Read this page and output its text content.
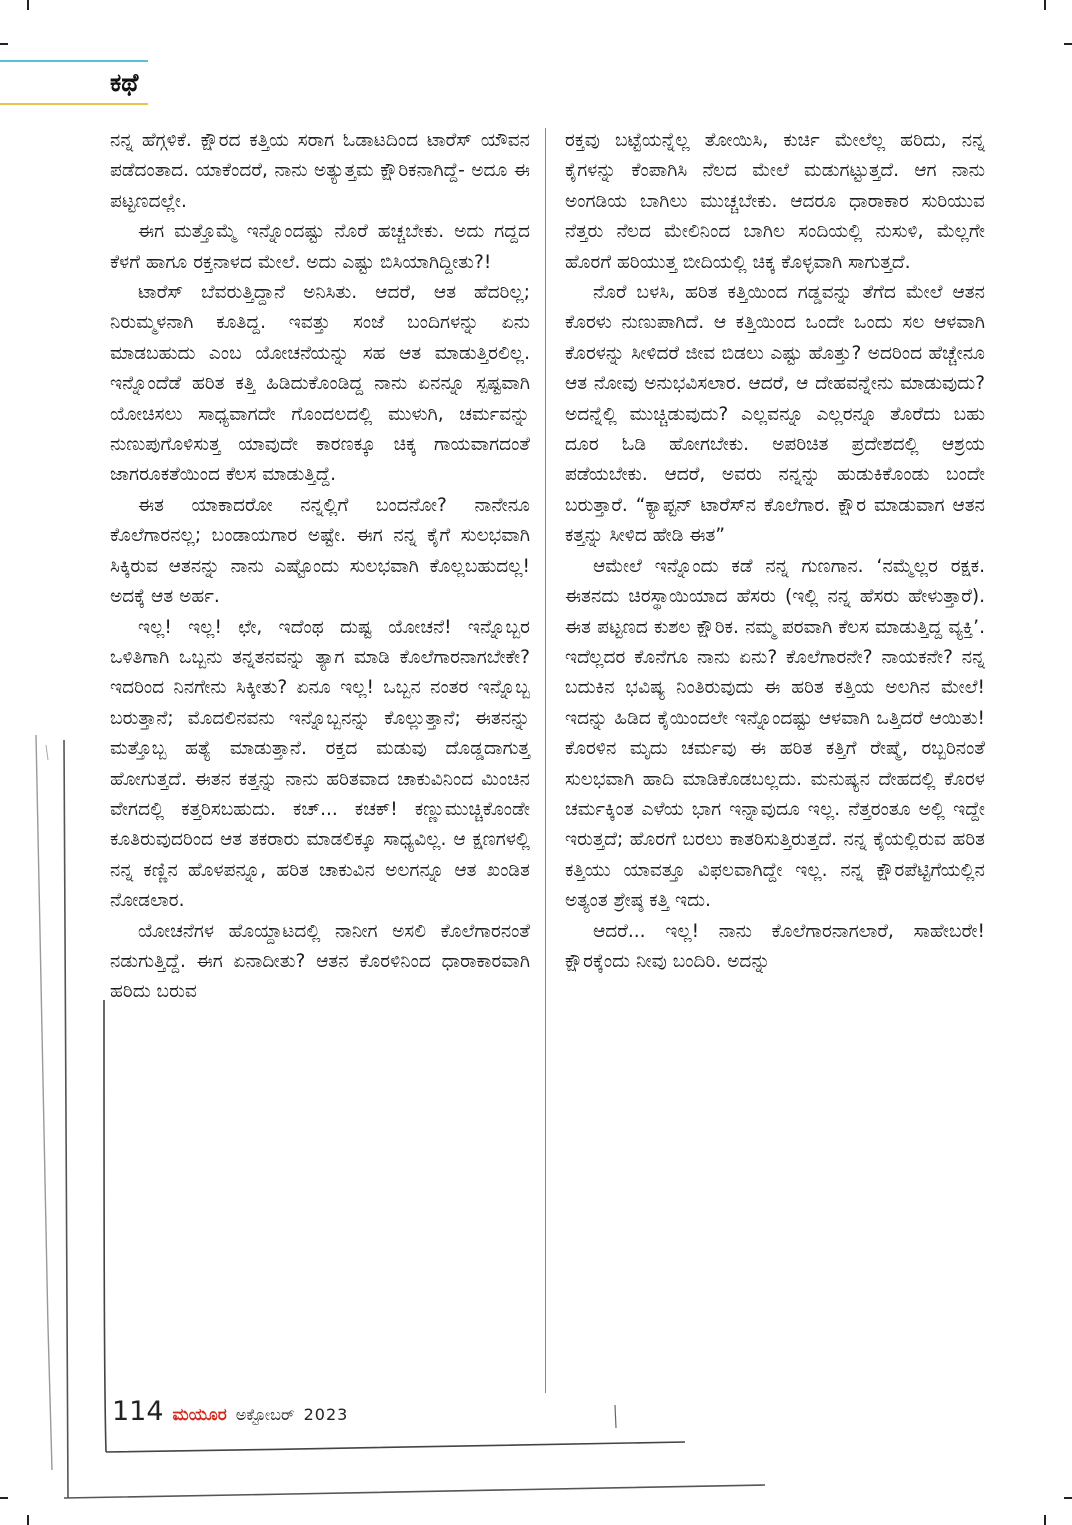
ಕಥೆ

ನನ್ನ ಹೆಗ್ಗಳಿಕೆ. ಕ್ಷೌರದ ಕತ್ತಿಯ ಸರಾಗ ಓಡಾಟದಿಂದ ಟಾರೆಸ್ ಯೌವನ ಪಡೆದಂತಾದ. ಯಾಕೆಂದರೆ, ನಾನು ಅತ್ಯುತ್ತಮ ಕ್ಷೌರಿಕನಾಗಿದ್ದೆ- ಅದೂ ಈ ಪಟ್ಟಣದಲ್ಲೇ.

ಈಗ ಮತ್ತೊಮ್ಮೆ ಇನ್ನೊಂದಷ್ಟು ನೊರೆ ಹಚ್ಚಬೇಕು. ಅದು ಗದ್ದದ ಕೆಳಗೆ ಹಾಗೂ ರಕ್ತನಾಳದ ಮೇಲೆ. ಅದು ಎಷ್ಟು ಬಿಸಿಯಾಗಿದ್ದೀತು?!

ಟಾರೆಸ್ ಬೆವರುತ್ತಿದ್ದಾನೆ ಅನಿಸಿತು. ಆದರೆ, ಆತ ಹೆದರಿಲ್ಲ; ನಿರುಮ್ಮಳನಾಗಿ ಕೂತಿದ್ದ. ಇವತ್ತು ಸಂಜೆ ಬಂದಿಗಳನ್ನು ಏನು ಮಾಡಬಹುದು ಎಂಬ ಯೋಚನೆಯನ್ನು ಸಹ ಆತ ಮಾಡುತ್ತಿರಲಿಲ್ಲ. ಇನ್ನೊಂದೆಡೆ ಹರಿತ ಕತ್ತಿ ಹಿಡಿದುಕೊಂಡಿದ್ದ ನಾನು ಏನನ್ನೂ ಸ್ಪಷ್ಟವಾಗಿ ಯೋಚಿಸಲು ಸಾಧ್ಯವಾಗದೇ ಗೊಂದಲದಲ್ಲಿ ಮುಳುಗಿ, ಚರ್ಮವನ್ನು ನುಣುಪುಗೊಳಿಸುತ್ತ ಯಾವುದೇ ಕಾರಣಕ್ಕೂ ಚಿಕ್ಕ ಗಾಯವಾಗದಂತೆ ಜಾಗರೂಕತೆಯಿಂದ ಕೆಲಸ ಮಾಡುತ್ತಿದ್ದೆ.

ಈತ ಯಾಕಾದರೋ ನನ್ನಲ್ಲಿಗೆ ಬಂದನೋ? ನಾನೇನೂ ಕೊಲೆಗಾರನಲ್ಲ; ಬಂಡಾಯಗಾರ ಅಷ್ಟೇ. ಈಗ ನನ್ನ ಕೈಗೆ ಸುಲಭವಾಗಿ ಸಿಕ್ಕಿರುವ ಆತನನ್ನು ನಾನು ಎಷ್ಟೊಂದು ಸುಲಭವಾಗಿ ಕೊಲ್ಲಬಹುದಲ್ಲ! ಅದಕ್ಕೆ ಆತ ಅರ್ಹ.

ಇಲ್ಲ! ಇಲ್ಲ! ಛೇ, ಇದೆಂಥ ದುಷ್ಟ ಯೋಚನೆ! ಇನ್ನೊಬ್ಬರ ಒಳಿತಿಗಾಗಿ ಒಬ್ಬನು ತನ್ನತನವನ್ನು ತ್ಯಾಗ ಮಾಡಿ ಕೊಲೆಗಾರನಾಗಬೇಕೇ? ಇದರಿಂದ ನಿನಗೇನು ಸಿಕ್ಕೀತು? ಏನೂ ಇಲ್ಲ! ಒಬ್ಬನ ನಂತರ ಇನ್ನೊಬ್ಬ ಬರುತ್ತಾನೆ; ಮೊದಲಿನವನು ಇನ್ನೊಬ್ಬನನ್ನು ಕೊಲ್ಲುತ್ತಾನೆ; ಈತನನ್ನು ಮತ್ತೊಬ್ಬ ಹತ್ಯೆ ಮಾಡುತ್ತಾನೆ. ರಕ್ತದ ಮಡುವು ದೊಡ್ಡದಾಗುತ್ತ ಹೋಗುತ್ತದೆ. ಈತನ ಕತ್ತನ್ನು ನಾನು ಹರಿತವಾದ ಚಾಕುವಿನಿಂದ ಮಿಂಚಿನ ವೇಗದಲ್ಲಿ ಕತ್ತರಿಸಬಹುದು. ಕಚ್... ಕಚಕ್! ಕಣ್ಣುಮುಚ್ಚಿಕೊಂಡೇ ಕೂತಿರುವುದರಿಂದ ಆತ ತಕರಾರು ಮಾಡಲಿಕ್ಕೂ ಸಾಧ್ಯವಿಲ್ಲ. ಆ ಕ್ಷಣಗಳಲ್ಲಿ ನನ್ನ ಕಣ್ಣಿನ ಹೊಳಪನ್ನೂ, ಹರಿತ ಚಾಕುವಿನ ಅಲಗನ್ನೂ ಆತ ಖಂಡಿತ ನೋಡಲಾರ.

ಯೋಚನೆಗಳ ಹೊಯ್ದಾಟದಲ್ಲಿ ನಾನೀಗ ಅಸಲಿ ಕೊಲೆಗಾರನಂತೆ ನಡುಗುತ್ತಿದ್ದೆ. ಈಗ ಏನಾದೀತು? ಆತನ ಕೊರಳಿನಿಂದ ಧಾರಾಕಾರವಾಗಿ ಹರಿದು ಬರುವ

ರಕ್ತವು ಬಟ್ಟೆಯನ್ನೆಲ್ಲ ತೋಯಿಸಿ, ಕುರ್ಚಿ ಮೇಲೆಲ್ಲ ಹರಿದು, ನನ್ನ ಕೈಗಳನ್ನು ಕೆಂಪಾಗಿಸಿ ನೆಲದ ಮೇಲೆ ಮಡುಗಟ್ಟುತ್ತದೆ. ಆಗ ನಾನು ಅಂಗಡಿಯ ಬಾಗಿಲು ಮುಚ್ಚಬೇಕು. ಆದರೂ ಧಾರಾಕಾರ ಸುರಿಯುವ ನೆತ್ತರು ನೆಲದ ಮೇಲಿನಿಂದ ಬಾಗಿಲ ಸಂದಿಯಲ್ಲಿ ನುಸುಳಿ, ಮೆಲ್ಲಗೇ ಹೊರಗೆ ಹರಿಯುತ್ತ ಬೀದಿಯಲ್ಲಿ ಚಿಕ್ಕ ಕೊಳ್ಳವಾಗಿ ಸಾಗುತ್ತದೆ.

ನೊರೆ ಬಳಸಿ, ಹರಿತ ಕತ್ತಿಯಿಂದ ಗಡ್ಡವನ್ನು ತೆಗೆದ ಮೇಲೆ ಆತನ ಕೊರಳು ನುಣುಪಾಗಿದೆ. ಆ ಕತ್ತಿಯಿಂದ ಒಂದೇ ಒಂದು ಸಲ ಆಳವಾಗಿ ಕೊರಳನ್ನು ಸೀಳಿದರೆ ಜೀವ ಬಿಡಲು ಎಷ್ಟು ಹೊತ್ತು? ಅದರಿಂದ ಹೆಚ್ಚೇನೂ ಆತ ನೋವು ಅನುಭವಿಸಲಾರ. ಆದರೆ, ಆ ದೇಹವನ್ನೇನು ಮಾಡುವುದು? ಅದನ್ನೆಲ್ಲಿ ಮುಚ್ಚಿಡುವುದು? ಎಲ್ಲವನ್ನೂ ಎಲ್ಲರನ್ನೂ ತೊರೆದು ಬಹು ದೂರ ಓಡಿ ಹೋಗಬೇಕು. ಅಪರಿಚಿತ ಪ್ರದೇಶದಲ್ಲಿ ಆಶ್ರಯ ಪಡೆಯಬೇಕು. ಆದರೆ, ಅವರು ನನ್ನನ್ನು ಹುಡುಕಿಕೊಂಡು ಬಂದೇ ಬರುತ್ತಾರೆ. “ಕ್ಯಾಪ್ಟನ್ ಟಾರೆಸ್‌ನ ಕೊಲೆಗಾರ. ಕ್ಷೌರ ಮಾಡುವಾಗ ಆತನ ಕತ್ತನ್ನು ಸೀಳಿದ ಹೇಡಿ ಈತ”

ಆಮೇಲೆ ಇನ್ನೊಂದು ಕಡೆ ನನ್ನ ಗುಣಗಾನ. ‘ನಮ್ಮೆಲ್ಲರ ರಕ್ಷಕ. ಈತನದು ಚಿರಸ್ಥಾಯಿಯಾದ ಹೆಸರು (ಇಲ್ಲಿ ನನ್ನ ಹೆಸರು ಹೇಳುತ್ತಾರೆ). ಈತ ಪಟ್ಟಣದ ಕುಶಲ ಕ್ಷೌರಿಕ. ನಮ್ಮ ಪರವಾಗಿ ಕೆಲಸ ಮಾಡುತ್ತಿದ್ದ ವ್ಯಕ್ತಿ’. ಇದೆಲ್ಲದರ ಕೊನೆಗೂ ನಾನು ಏನು? ಕೊಲೆಗಾರನೇ? ನಾಯಕನೇ? ನನ್ನ ಬದುಕಿನ ಭವಿಷ್ಯ ನಿಂತಿರುವುದು ಈ ಹರಿತ ಕತ್ತಿಯ ಅಲಗಿನ ಮೇಲೆ! ಇದನ್ನು ಹಿಡಿದ ಕೈಯಿಂದಲೇ ಇನ್ನೊಂದಷ್ಟು ಆಳವಾಗಿ ಒತ್ತಿದರೆ ಆಯಿತು! ಕೊರಳಿನ ಮೃದು ಚರ್ಮವು ಈ ಹರಿತ ಕತ್ತಿಗೆ ರೇಷ್ಮೆ, ರಬ್ಬರಿನಂತೆ ಸುಲಭವಾಗಿ ಹಾದಿ ಮಾಡಿಕೊಡಬಲ್ಲದು. ಮನುಷ್ಯನ ದೇಹದಲ್ಲಿ ಕೊರಳ ಚರ್ಮಕ್ಕಿಂತ ಎಳೆಯ ಭಾಗ ಇನ್ನಾವುದೂ ಇಲ್ಲ. ನೆತ್ತರಂತೂ ಅಲ್ಲಿ ಇದ್ದೇ ಇರುತ್ತದೆ; ಹೊರಗೆ ಬರಲು ಕಾತರಿಸುತ್ತಿರುತ್ತದೆ. ನನ್ನ ಕೈಯಲ್ಲಿರುವ ಹರಿತ ಕತ್ತಿಯು ಯಾವತ್ತೂ ವಿಫಲವಾಗಿದ್ದೇ ಇಲ್ಲ. ನನ್ನ ಕ್ಷೌರಪೆಟ್ಟಿಗೆಯಲ್ಲಿನ ಅತ್ಯಂತ ಶ್ರೇಷ್ಠ ಕತ್ತಿ ಇದು.

ಆದರೆ... ಇಲ್ಲ! ನಾನು ಕೊಲೆಗಾರನಾಗಲಾರೆ, ಸಾಹೇಬರೇ! ಕ್ಷೌರಕ್ಕೆಂದು ನೀವು ಬಂದಿರಿ. ಅದನ್ನು

114 ಮಯೂರ ಅಕ್ಟೋಬರ್ 2023
